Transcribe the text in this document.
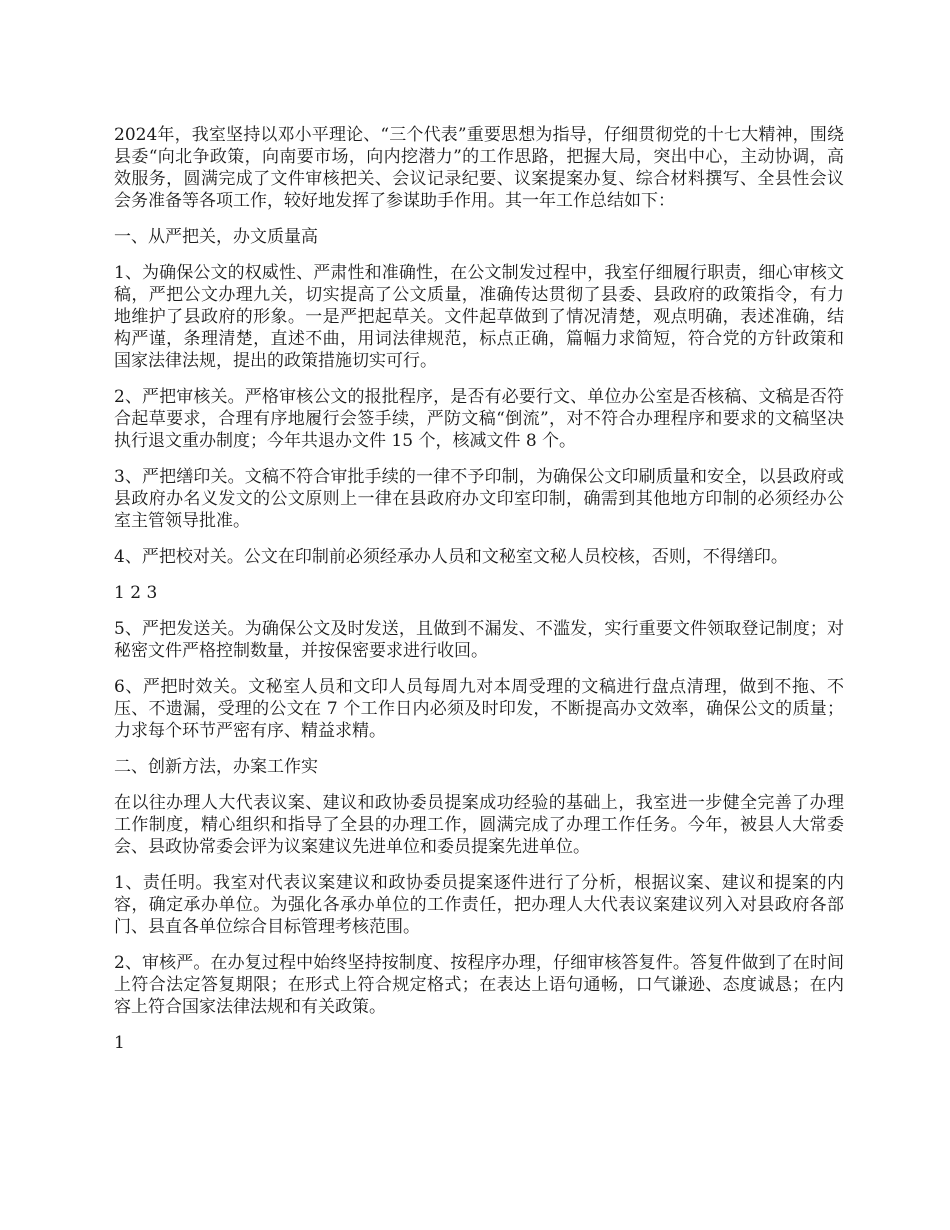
2024年，我室坚持以邓小平理论、“三个代表”重要思想为指导，仔细贯彻党的十七大精神，围绕县委“向北争政策，向南要市场，向内挖潜力”的工作思路，把握大局，突出中心，主动协调，高效服务，圆满完成了文件审核把关、会议记录纪要、议案提案办复、综合材料撰写、全县性会议会务准备等各项工作，较好地发挥了参谋助手作用。其一年工作总结如下：

一、从严把关，办文质量高

1、为确保公文的权威性、严肃性和准确性，在公文制发过程中，我室仔细履行职责，细心审核文稿，严把公文办理九关，切实提高了公文质量，准确传达贯彻了县委、县政府的政策指令，有力地维护了县政府的形象。一是严把起草关。文件起草做到了情况清楚，观点明确，表述准确，结构严谨，条理清楚，直述不曲，用词法律规范，标点正确，篇幅力求简短，符合党的方针政策和国家法律法规，提出的政策措施切实可行。

2、严把审核关。严格审核公文的报批程序，是否有必要行文、单位办公室是否核稿、文稿是否符合起草要求，合理有序地履行会签手续，严防文稿“倒流”，对不符合办理程序和要求的文稿坚决执行退文重办制度；今年共退办文件 15 个，核减文件 8 个。

3、严把缮印关。文稿不符合审批手续的一律不予印制，为确保公文印刷质量和安全，以县政府或县政府办名义发文的公文原则上一律在县政府办文印室印制，确需到其他地方印制的必须经办公室主管领导批准。

4、严把校对关。公文在印制前必须经承办人员和文秘室文秘人员校核，否则，不得缮印。

1 2 3

5、严把发送关。为确保公文及时发送，且做到不漏发、不滥发，实行重要文件领取登记制度；对秘密文件严格控制数量，并按保密要求进行收回。

6、严把时效关。文秘室人员和文印人员每周九对本周受理的文稿进行盘点清理，做到不拖、不压、不遗漏，受理的公文在 7 个工作日内必须及时印发，不断提高办文效率，确保公文的质量；力求每个环节严密有序、精益求精。

二、创新方法，办案工作实

在以往办理人大代表议案、建议和政协委员提案成功经验的基础上，我室进一步健全完善了办理工作制度，精心组织和指导了全县的办理工作，圆满完成了办理工作任务。今年，被县人大常委会、县政协常委会评为议案建议先进单位和委员提案先进单位。

1、责任明。我室对代表议案建议和政协委员提案逐件进行了分析，根据议案、建议和提案的内容，确定承办单位。为强化各承办单位的工作责任，把办理人大代表议案建议列入对县政府各部门、县直各单位综合目标管理考核范围。

2、审核严。在办复过程中始终坚持按制度、按程序办理，仔细审核答复件。答复件做到了在时间上符合法定答复期限；在形式上符合规定格式；在表达上语句通畅，口气谦逊、态度诚恳；在内容上符合国家法律法规和有关政策。

1
